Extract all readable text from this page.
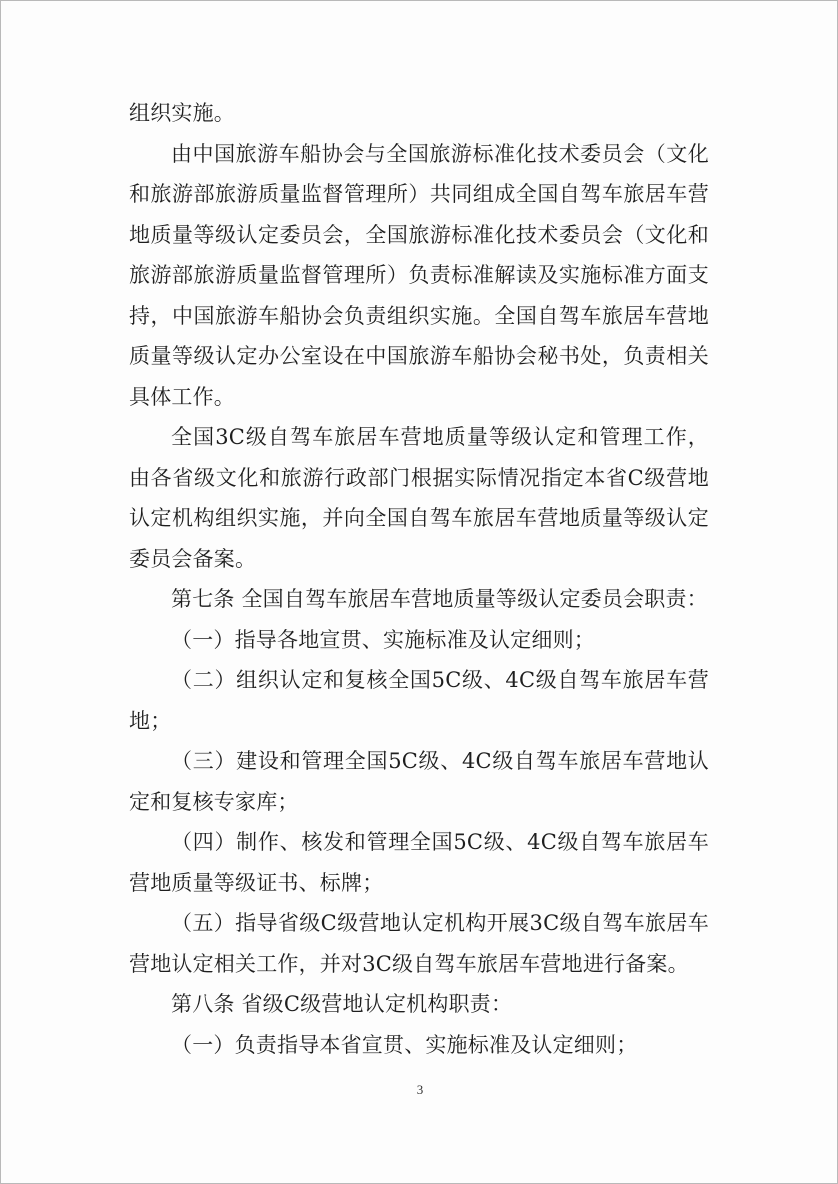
组织实施。

由中国旅游车船协会与全国旅游标准化技术委员会（文化和旅游部旅游质量监督管理所）共同组成全国自驾车旅居车营地质量等级认定委员会，全国旅游标准化技术委员会（文化和旅游部旅游质量监督管理所）负责标准解读及实施标准方面支持，中国旅游车船协会负责组织实施。全国自驾车旅居车营地质量等级认定办公室设在中国旅游车船协会秘书处，负责相关具体工作。

全国3C级自驾车旅居车营地质量等级认定和管理工作，由各省级文化和旅游行政部门根据实际情况指定本省C级营地认定机构组织实施，并向全国自驾车旅居车营地质量等级认定委员会备案。

第七条 全国自驾车旅居车营地质量等级认定委员会职责：

（一）指导各地宣贯、实施标准及认定细则；

（二）组织认定和复核全国5C级、4C级自驾车旅居车营地；

（三）建设和管理全国5C级、4C级自驾车旅居车营地认定和复核专家库；

（四）制作、核发和管理全国5C级、4C级自驾车旅居车营地质量等级证书、标牌；

（五）指导省级C级营地认定机构开展3C级自驾车旅居车营地认定相关工作，并对3C级自驾车旅居车营地进行备案。

第八条 省级C级营地认定机构职责：

（一）负责指导本省宣贯、实施标准及认定细则；

3
